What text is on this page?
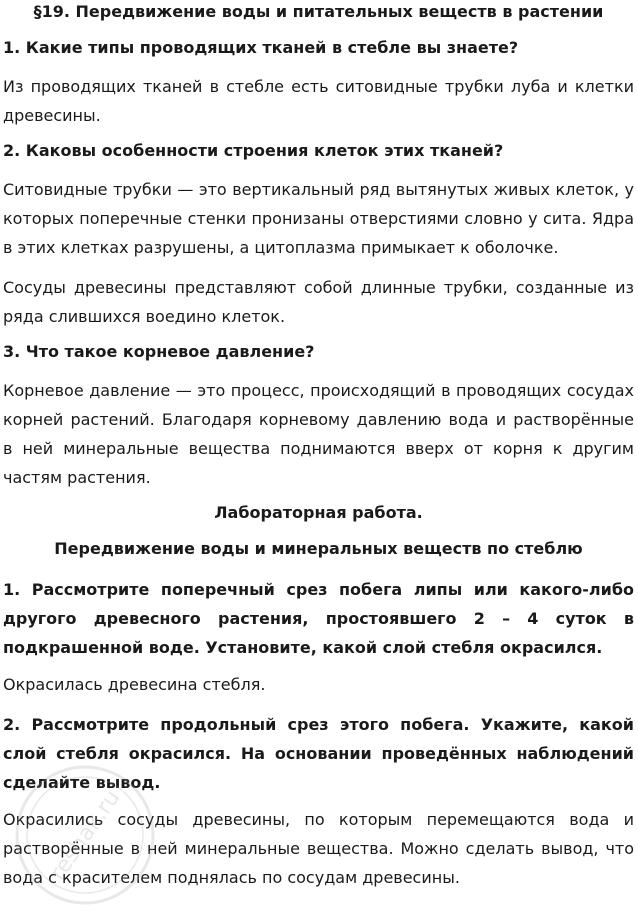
§19. Передвижение воды и питательных веществ в растении
1. Какие типы проводящих тканей в стебле вы знаете?
Из проводящих тканей в стебле есть ситовидные трубки луба и клетки древесины.
2. Каковы особенности строения клеток этих тканей?
Ситовидные трубки — это вертикальный ряд вытянутых живых клеток, у которых поперечные стенки пронизаны отверстиями словно у сита. Ядра в этих клетках разрушены, а цитоплазма примыкает к оболочке.
Сосуды древесины представляют собой длинные трубки, созданные из ряда слившихся воедино клеток.
3. Что такое корневое давление?
Корневое давление — это процесс, происходящий в проводящих сосудах корней растений. Благодаря корневому давлению вода и растворённые в ней минеральные вещества поднимаются вверх от корня к другим частям растения.
Лабораторная работа.
Передвижение воды и минеральных веществ по стеблю
1. Рассмотрите поперечный срез побега липы или какого-либо другого древесного растения, простоявшего 2 – 4 суток в подкрашенной воде. Установите, какой слой стебля окрасился.
Окрасилась древесина стебля.
2. Рассмотрите продольный срез этого побега. Укажите, какой слой стебля окрасился. На основании проведённых наблюдений сделайте вывод.
Окрасились сосуды древесины, по которым перемещаются вода и растворённые в ней минеральные вещества. Можно сделать вывод, что вода с красителем поднялась по сосудам древесины.
reshak.ru
